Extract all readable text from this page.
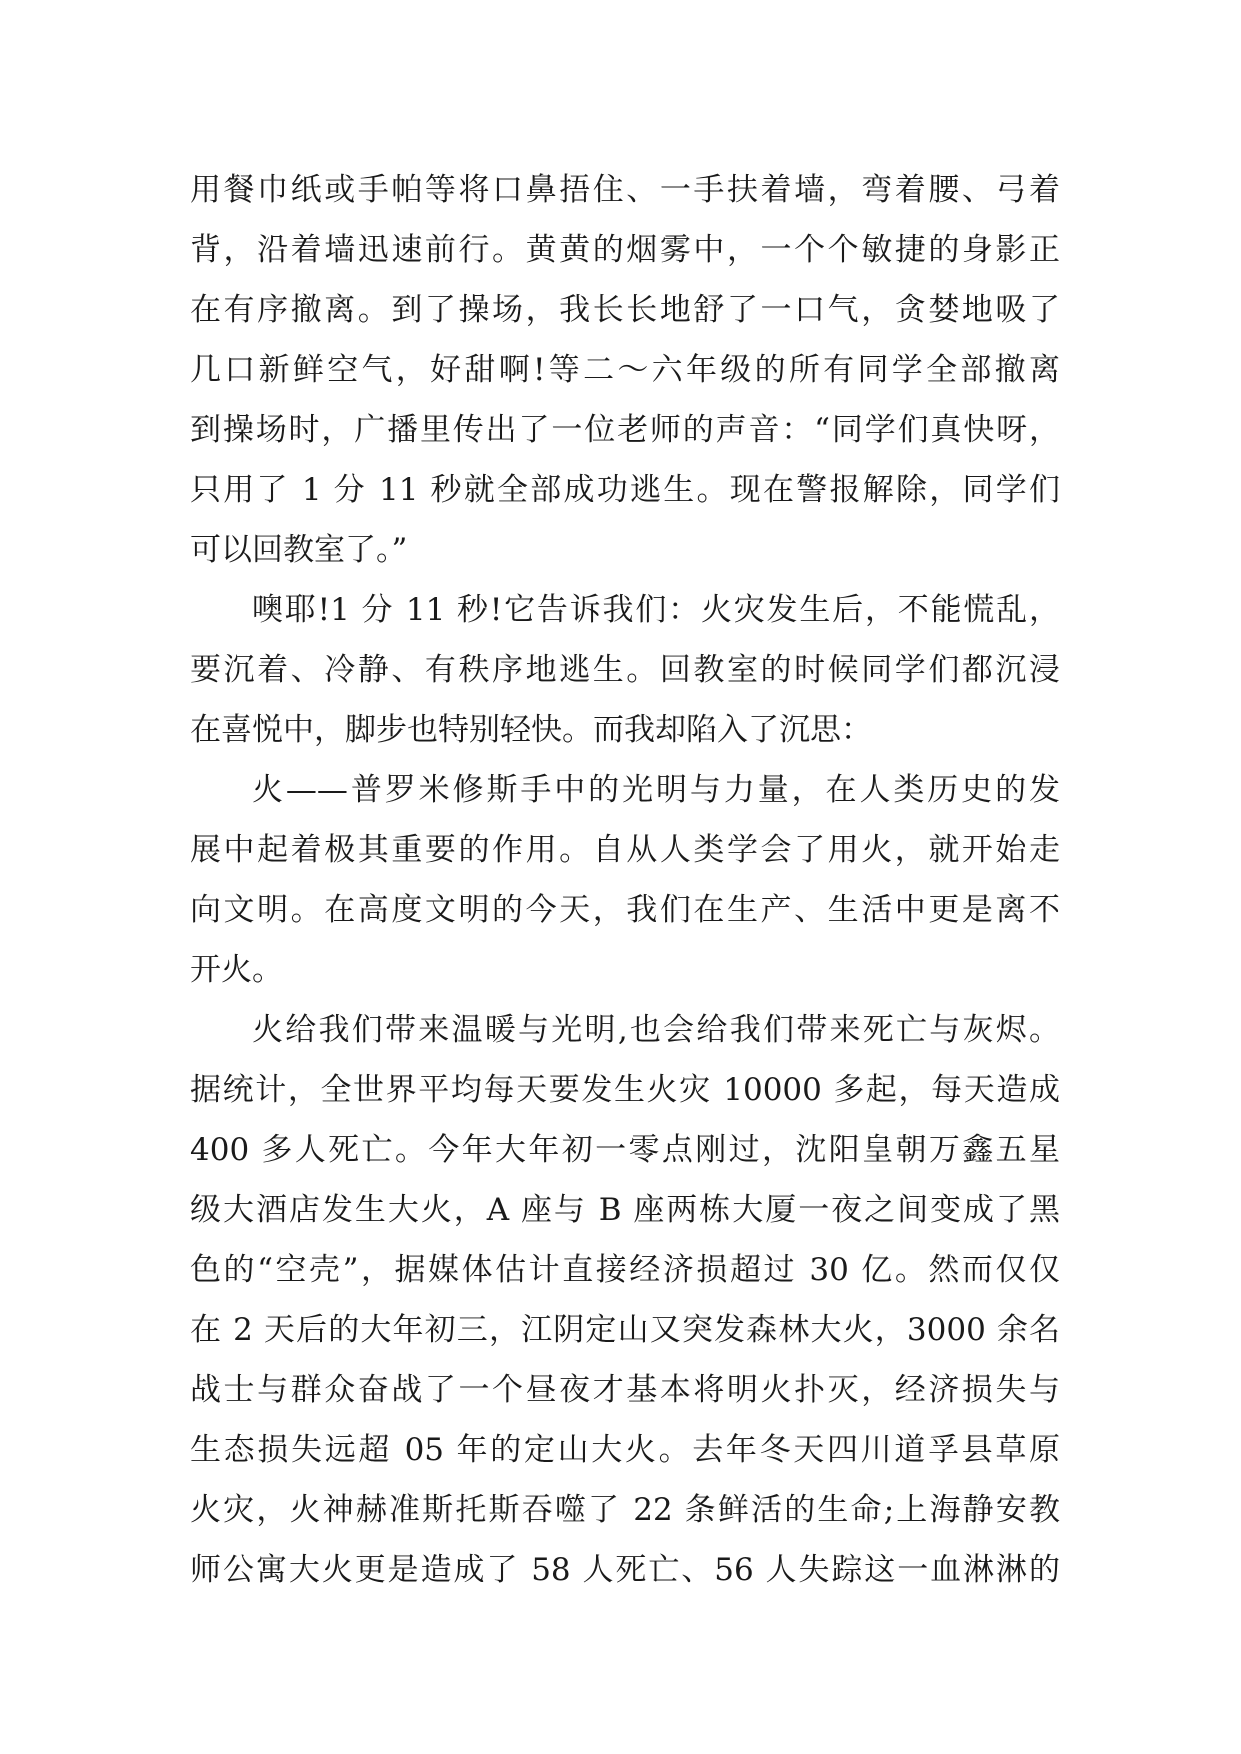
用餐巾纸或手帕等将口鼻捂住、一手扶着墙，弯着腰、弓着
背，沿着墙迅速前行。黄黄的烟雾中，一个个敏捷的身影正
在有序撤离。到了操场，我长长地舒了一口气，贪婪地吸了
几口新鲜空气，好甜啊!等二～六年级的所有同学全部撤离
到操场时，广播里传出了一位老师的声音：“同学们真快呀，
只用了 1 分 11 秒就全部成功逃生。现在警报解除，同学们
可以回教室了。”
噢耶!1 分 11 秒!它告诉我们：火灾发生后，不能慌乱，
要沉着、冷静、有秩序地逃生。回教室的时候同学们都沉浸
在喜悦中，脚步也特别轻快。而我却陷入了沉思：
火——普罗米修斯手中的光明与力量，在人类历史的发
展中起着极其重要的作用。自从人类学会了用火，就开始走
向文明。在高度文明的今天，我们在生产、生活中更是离不
开火。
火给我们带来温暖与光明,也会给我们带来死亡与灰烬。
据统计，全世界平均每天要发生火灾 10000 多起，每天造成
400 多人死亡。今年大年初一零点刚过，沈阳皇朝万鑫五星
级大酒店发生大火，A 座与 B 座两栋大厦一夜之间变成了黑
色的“空壳”，据媒体估计直接经济损超过 30 亿。然而仅仅
在 2 天后的大年初三，江阴定山又突发森林大火，3000 余名
战士与群众奋战了一个昼夜才基本将明火扑灭，经济损失与
生态损失远超 05 年的定山大火。去年冬天四川道孚县草原
火灾，火神赫准斯托斯吞噬了 22 条鲜活的生命;上海静安教
师公寓大火更是造成了 58 人死亡、56 人失踪这一血淋淋的
